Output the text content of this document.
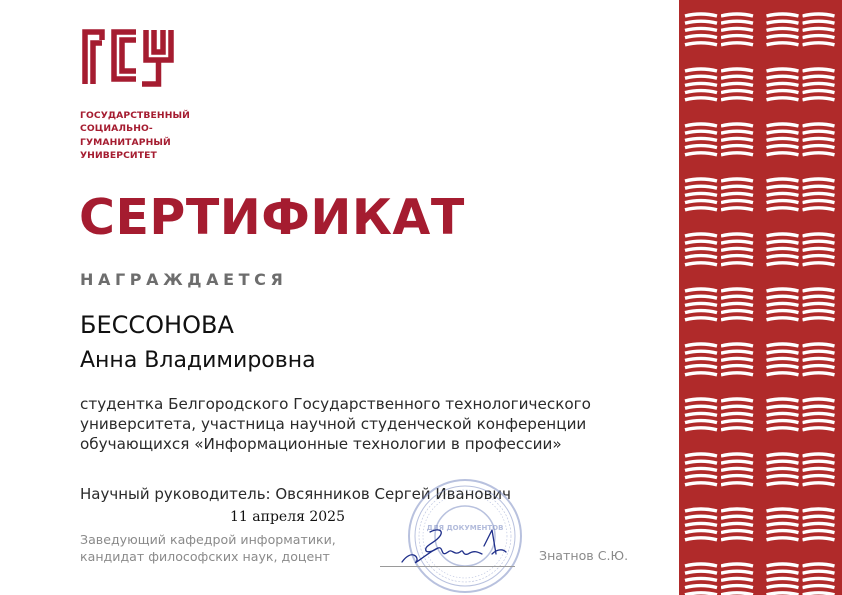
ГОСУДАРСТВЕННЫЙ
СОЦИАЛЬНО-
ГУМАНИТАРНЫЙ
УНИВЕРСИТЕТ
СЕРТИФИКАТ
НАГРАЖДАЕТСЯ
БЕССОНОВА
Анна Владимировна
студентка Белгородского Государственного технологического
университета, участница научной студенческой конференции
обучающихся «Информационные технологии в профессии»
Научный руководитель: Овсянников Сергей Иванович
ДЛЯ ДОКУМЕНТОВ
11 апреля 2025
Заведующий кафедрой информатики,
кандидат философских наук, доцент	Знатнов С.Ю.
